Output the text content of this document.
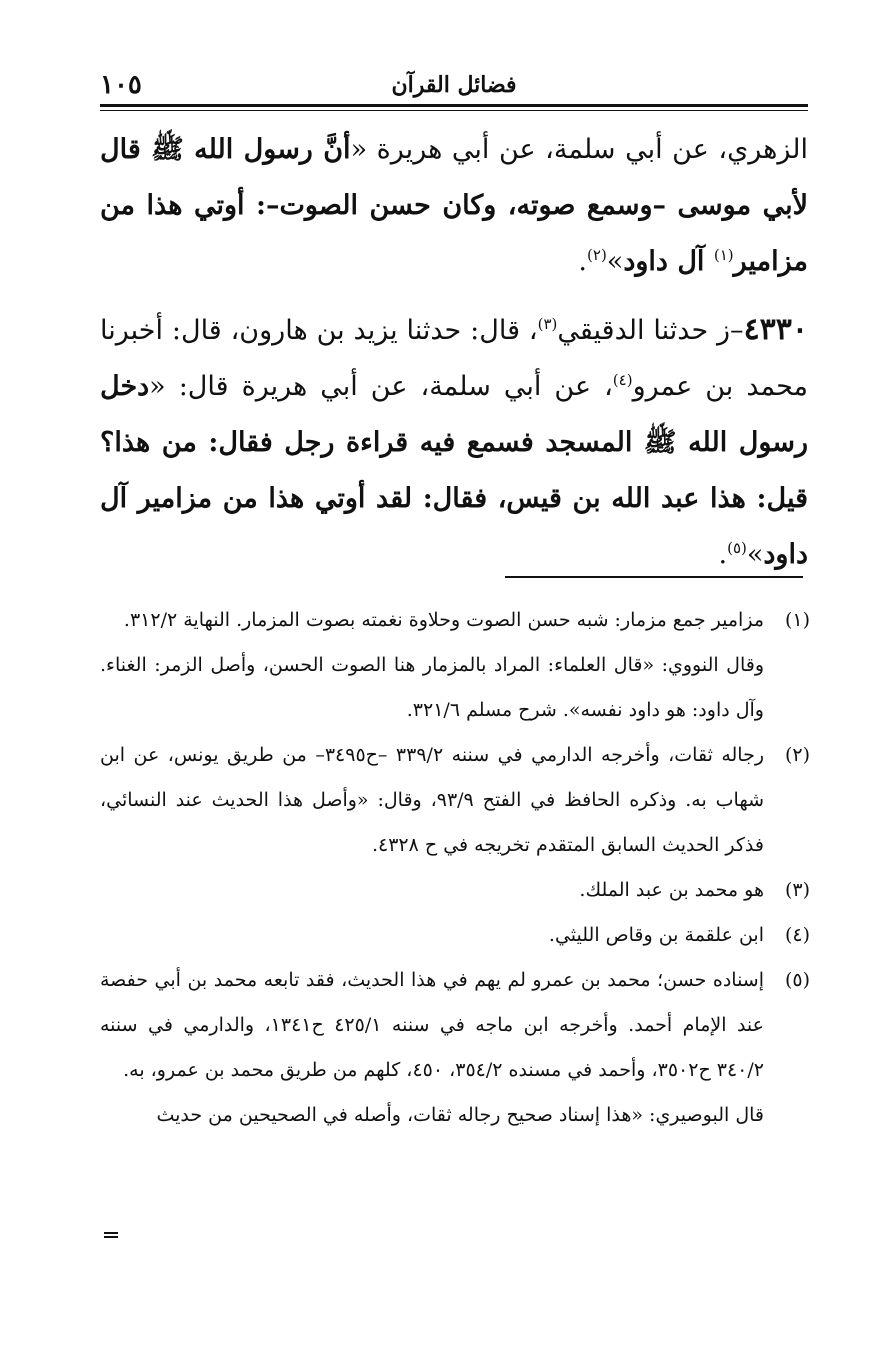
فضائل القرآن
١٠٥

الزهري، عن أبي سلمة، عن أبي هريرة «أنَّ رسول الله ﷺ قال لأبي موسى –وسمع صوته، وكان حسن الصوت–: أوتي هذا من مزامير$^{(١)}$ آل داود»$^{(٢)}$.

٤٣٣٠–ز حدثنا الدقيقي$^{(٣)}$، قال: حدثنا يزيد بن هارون، قال: أخبرنا محمد بن عمرو$^{(٤)}$، عن أبي سلمة، عن أبي هريرة قال: «دخل رسول الله ﷺ المسجد فسمع فيه قراءة رجل فقال: من هذا؟ قيل: هذا عبد الله بن قيس، فقال: لقد أوتي هذا من مزامير آل داود»$^{(٥)}$.

(١)
مزامير جمع مزمار: شبه حسن الصوت وحلاوة نغمته بصوت المزمار. النهاية ٣١٢/٢.

وقال النووي: «قال العلماء: المراد بالمزمار هنا الصوت الحسن، وأصل الزمر: الغناء. وآل داود: هو داود نفسه». شرح مسلم ٣٢١/٦.

(٢)
رجاله ثقات، وأخرجه الدارمي في سننه ٣٣٩/٢ –ح٣٤٩٥– من طريق يونس، عن ابن شهاب به. وذكره الحافظ في الفتح ٩٣/٩، وقال: «وأصل هذا الحديث عند النسائي، فذكر الحديث السابق المتقدم تخريجه في ح ٤٣٢٨.

(٣)
هو محمد بن عبد الملك.

(٤)
ابن علقمة بن وقاص الليثي.

(٥)
إسناده حسن؛ محمد بن عمرو لم يهم في هذا الحديث، فقد تابعه محمد بن أبي حفصة عند الإمام أحمد. وأخرجه ابن ماجه في سننه ٤٢٥/١ ح١٣٤١، والدارمي في سننه ٣٤٠/٢ ح٣٥٠٢، وأحمد في مسنده ٣٥٤/٢، ٤٥٠، كلهم من طريق محمد بن عمرو، به.

قال البوصيري: «هذا إسناد صحيح رجاله ثقات، وأصله في الصحيحين من حديث
